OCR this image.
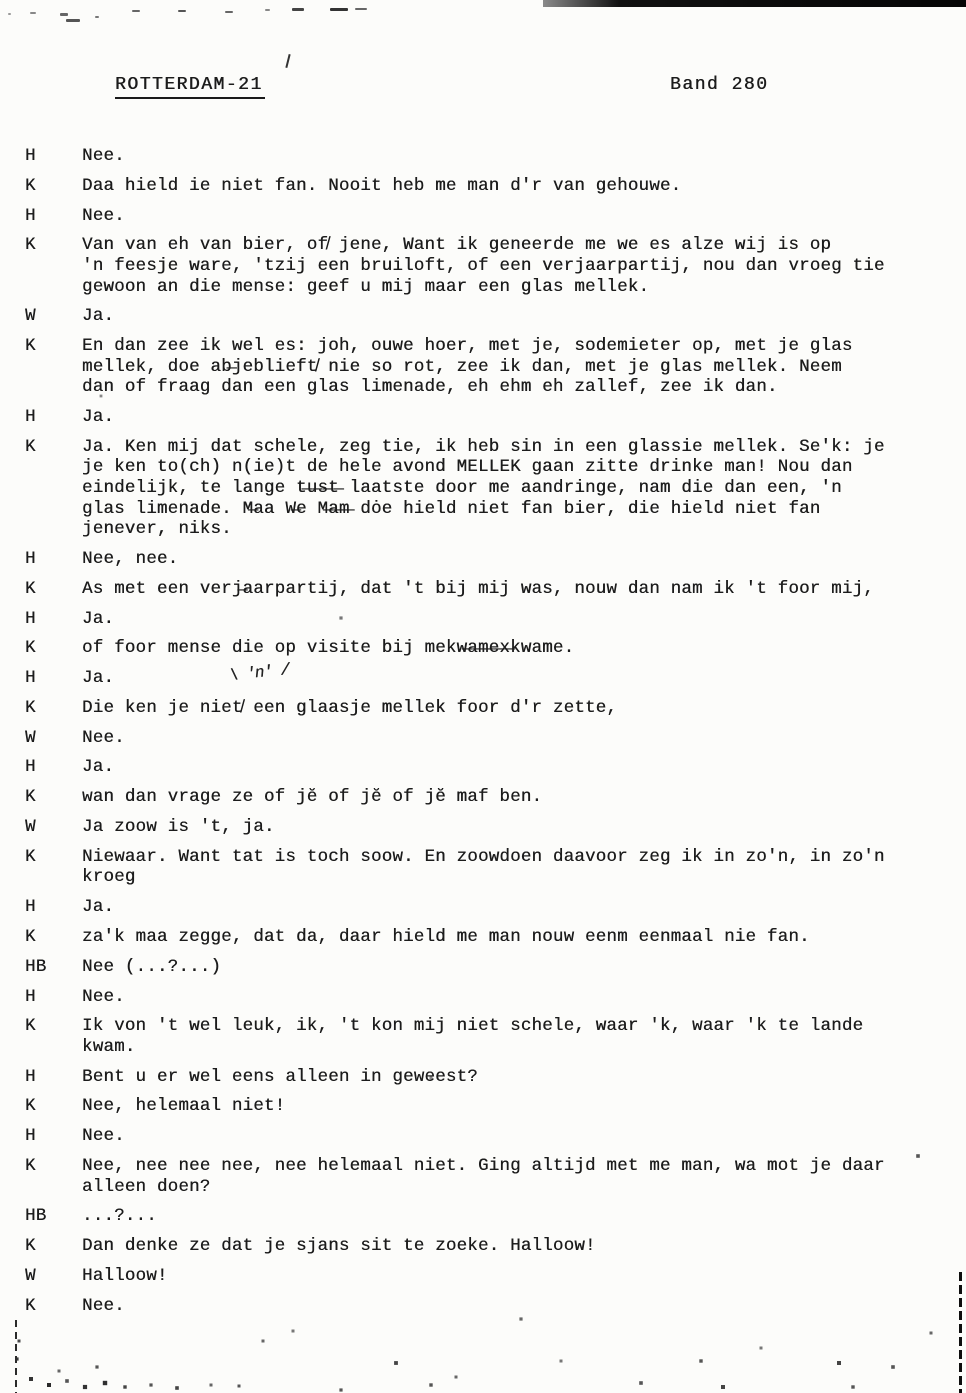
ROTTERDAM-21	Band 280
\ 'n' /
H	Nee.
K	Daa hield ie niet fan. Nooit heb me man d'r van gehouwe.
H	Nee.
K	Van van eh van bier, of̸ jene, Want ik geneerde me we es alze wij is op
'n feesje ware, 'tzij een bruiloft, of een verjaarpartij, nou dan vroeg tie
gewoon an die mense: geef u mij maar een glas mellek.
W	Ja.
K	En dan zee ik wel es: joh, ouwe hoer, met je, sodemieter op, met je glas
mellek, doe ab̶jeblieft̸ nie so rot, zee ik dan, met je glas mellek. Neem
dan of fraag dan een glas limenade, eh ehm eh zallef, zee ik dan.
H	Ja.
K	Ja. Ken mij dat schele, zeg tie, ik heb sin in een glassie mellek. Se'k: je
je ken to(ch) n(ie)t de hele avond MELLEK gaan zitte drinke man! Nou dan
eindelijk, te lange t̶u̶s̶t̶ laatste door me aandringe, nam die dan een, 'n
glas limenade. M̶aa W̶e M̶a̶m̶ dȯe hield niet fan bier, die hield niet fan
jenever, niks.
H	Nee, nee.
K	As met een verj̶aarpartij, dat 't bij mij was, nouw dan nam ik 't foor mij,
H	Ja.
K	of foor mense die op visite bij mekw̶a̶m̶e̶x̶kwame.
H	Ja.
K	Die ken je niet̸ een glaasje mellek foor d'r zette,
W	Nee.
H	Ja.
K	wan dan vrage ze of jĕ of jĕ of jĕ maf ben.
W	Ja zoow is 't, ja.
K	Niewaar. Want tat is toch soow. En zoowdoen daavoor zeg ik in zo'n, in zo'n
kroeg
H	Ja.
K	za'k maa zegge, dat da, daar hield me man nouw eenm eenmaal nie fan.
HB	Nee (...?...)
H	Nee.
K	Ik von 't wel leuk, ik, 't kon mij niet schele, waar 'k, waar 'k te lande
kwam.
H	Bent u er wel eens alleen in geweest?
K	Nee, helemaal niet!
H	Nee.
K	Nee, nee nee nee, nee helemaal niet. Ging altijd met me man, wa mot je daar
alleen doen?
HB	...?...
K	Dan denke ze dat je sjans sit te zoeke. Halloow!
W	Halloow!
K	Nee.
